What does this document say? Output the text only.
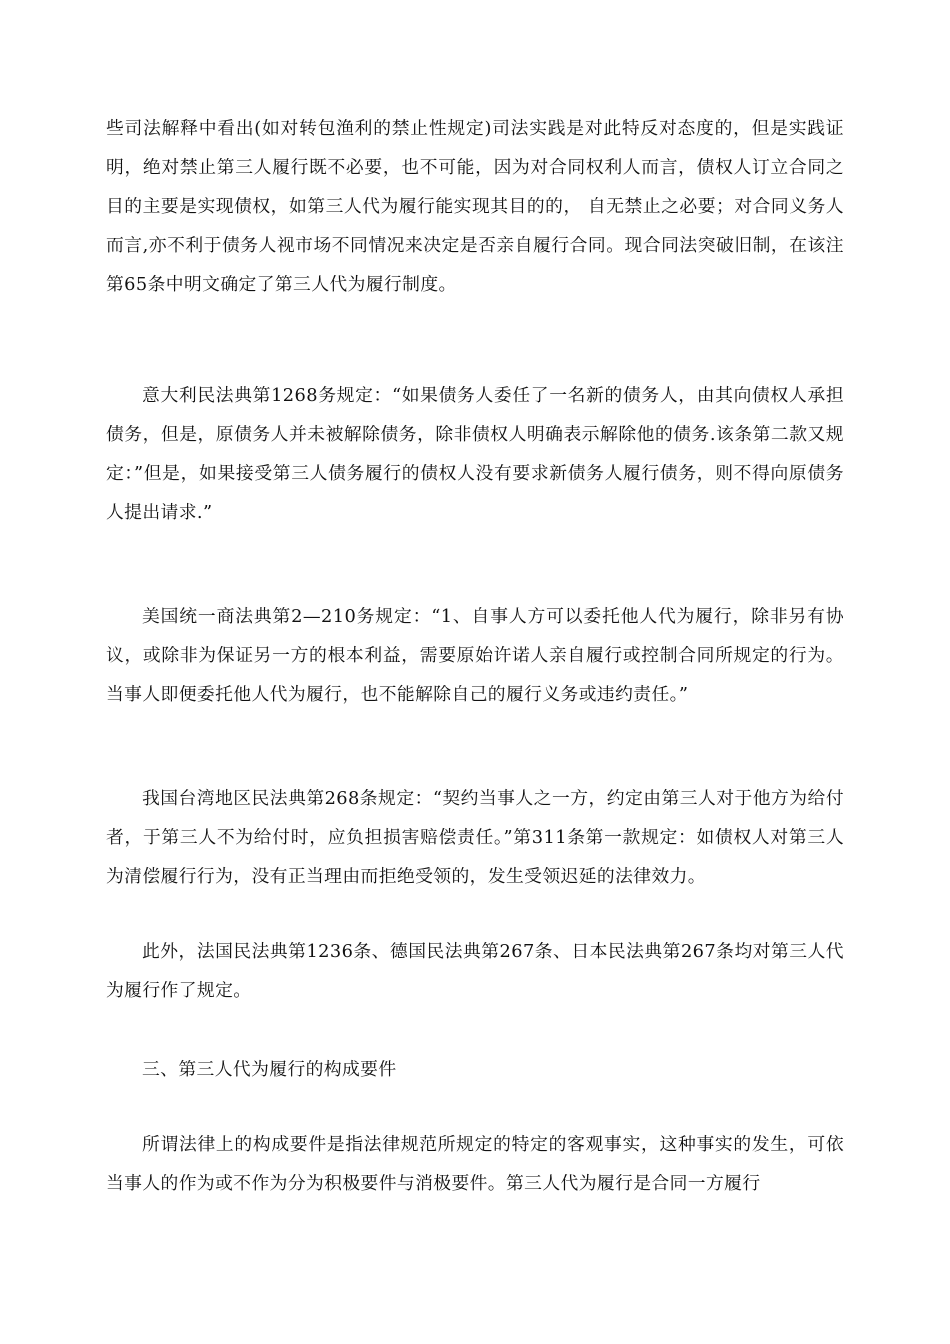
些司法解释中看出(如对转包渔利的禁止性规定)司法实践是对此特反对态度的，但是实践证明，绝对禁止第三人履行既不必要，也不可能，因为对合同权利人而言，债权人订立合同之目的主要是实现债权，如第三人代为履行能实现其目的的， 自无禁止之必要；对合同义务人而言,亦不利于债务人视市场不同情况来决定是否亲自履行合同。现合同法突破旧制，在该注第65条中明文确定了第三人代为履行制度。

意大利民法典第1268务规定：“如果债务人委任了一名新的债务人，由其向债权人承担债务，但是，原债务人并未被解除债务，除非债权人明确表示解除他的债务.该条第二款又规定：”但是，如果接受第三人债务履行的债权人没有要求新债务人履行债务，则不得向原债务人提出请求.”

美国统一商法典第2—210务规定：“1、自事人方可以委托他人代为履行，除非另有协议，或除非为保证另一方的根本利益，需要原始许诺人亲自履行或控制合同所规定的行为。当事人即便委托他人代为履行，也不能解除自己的履行义务或违约责任。”

我国台湾地区民法典第268条规定：“契约当事人之一方，约定由第三人对于他方为给付者，于第三人不为给付时，应负担损害赔偿责任。”第311条第一款规定：如债权人对第三人为清偿履行行为，没有正当理由而拒绝受领的，发生受领迟延的法律效力。

此外，法国民法典第1236条、德国民法典第267条、日本民法典第267条均对第三人代为履行作了规定。

三、第三人代为履行的构成要件

所谓法律上的构成要件是指法律规范所规定的特定的客观事实，这种事实的发生，可依当事人的作为或不作为分为积极要件与消极要件。第三人代为履行是合同一方履行
